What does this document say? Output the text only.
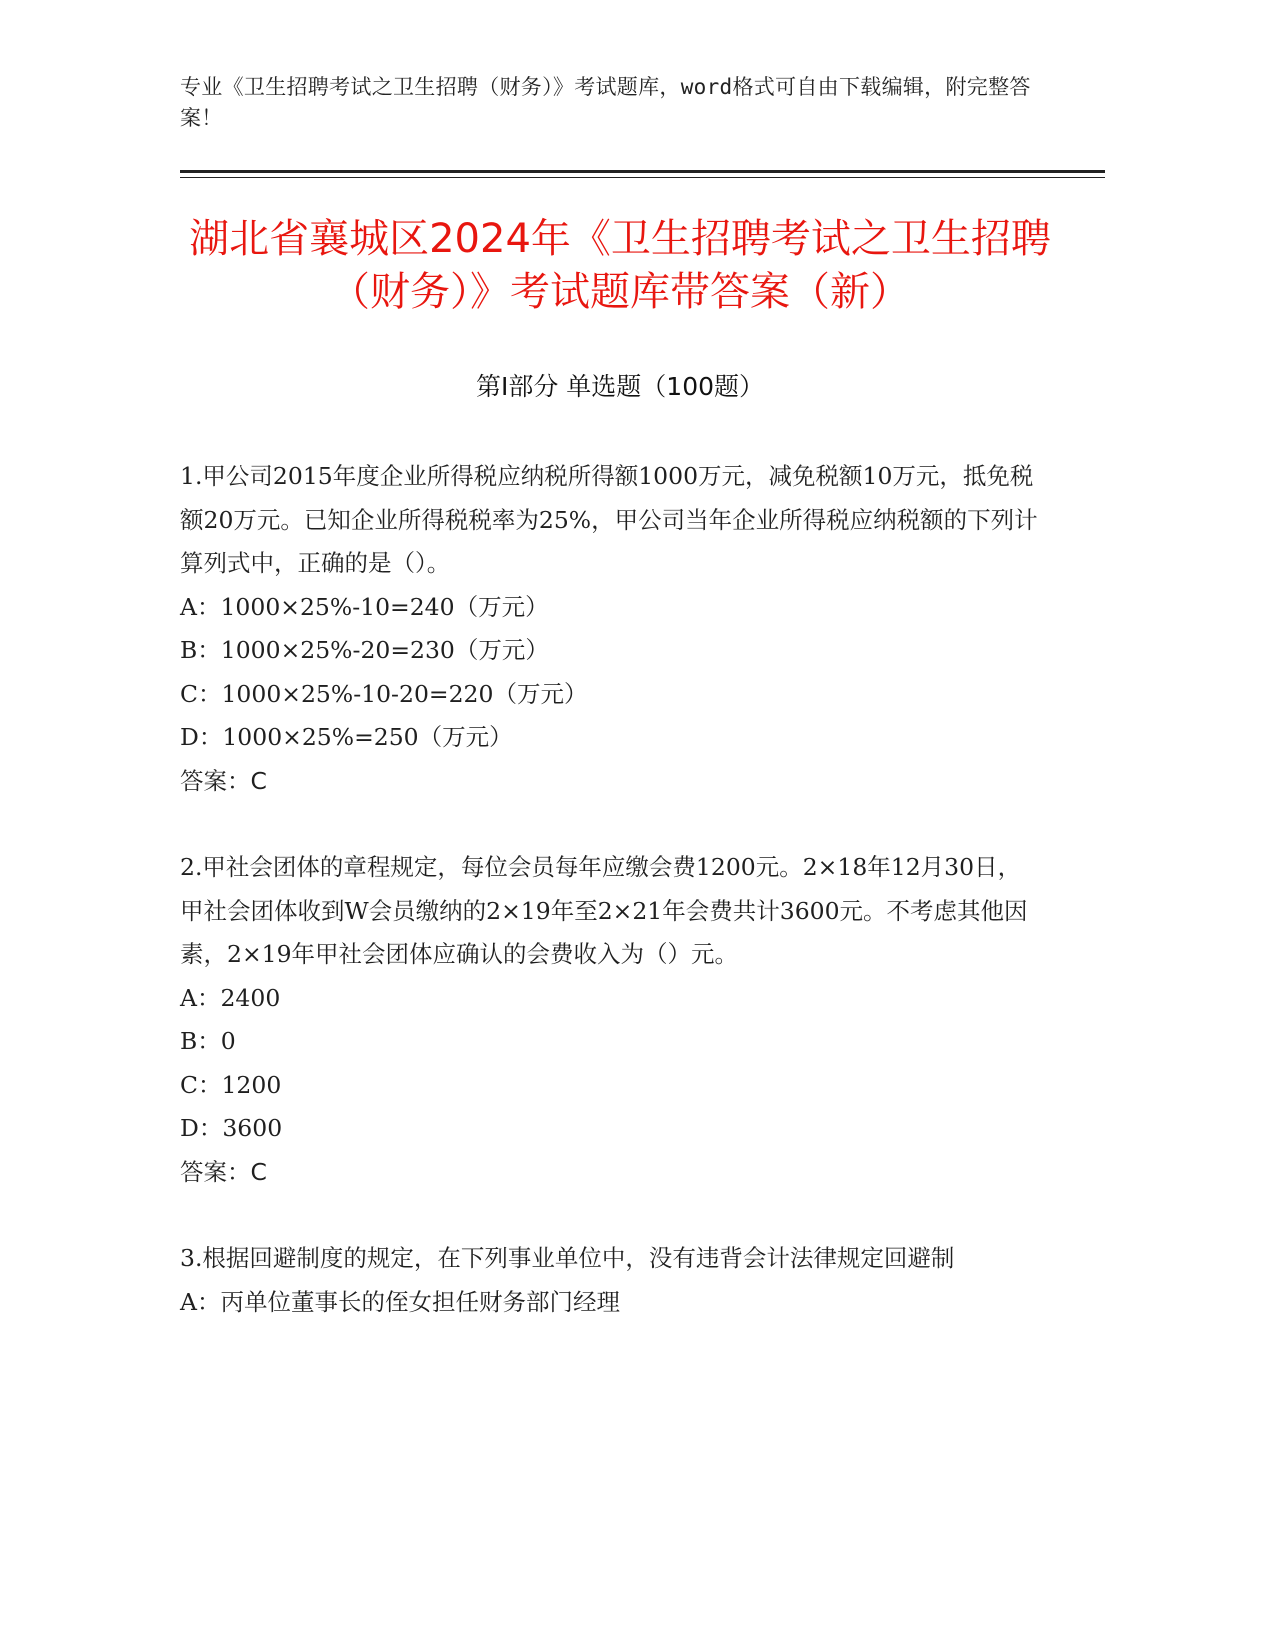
专业《卫生招聘考试之卫生招聘（财务）》考试题库，word格式可自由下载编辑，附完整答案！
湖北省襄城区2024年《卫生招聘考试之卫生招聘（财务）》考试题库带答案（新）
第Ⅰ部分 单选题（100题）

1.甲公司2015年度企业所得税应纳税所得额1000万元，减免税额10万元，抵免税额20万元。已知企业所得税税率为25%，甲公司当年企业所得税应纳税额的下列计算列式中，正确的是（）。

A：1000×25%-10=240（万元）

B：1000×25%-20=230（万元）

C：1000×25%-10-20=220（万元）

D：1000×25%=250（万元）

答案：C

2.甲社会团体的章程规定，每位会员每年应缴会费1200元。2×18年12月30日，甲社会团体收到W会员缴纳的2×19年至2×21年会费共计3600元。不考虑其他因素，2×19年甲社会团体应确认的会费收入为（）元。

A：2400

B：0

C：1200

D：3600

答案：C

3.根据回避制度的规定，在下列事业单位中，没有违背会计法律规定回避制

A：丙单位董事长的侄女担任财务部门经理
